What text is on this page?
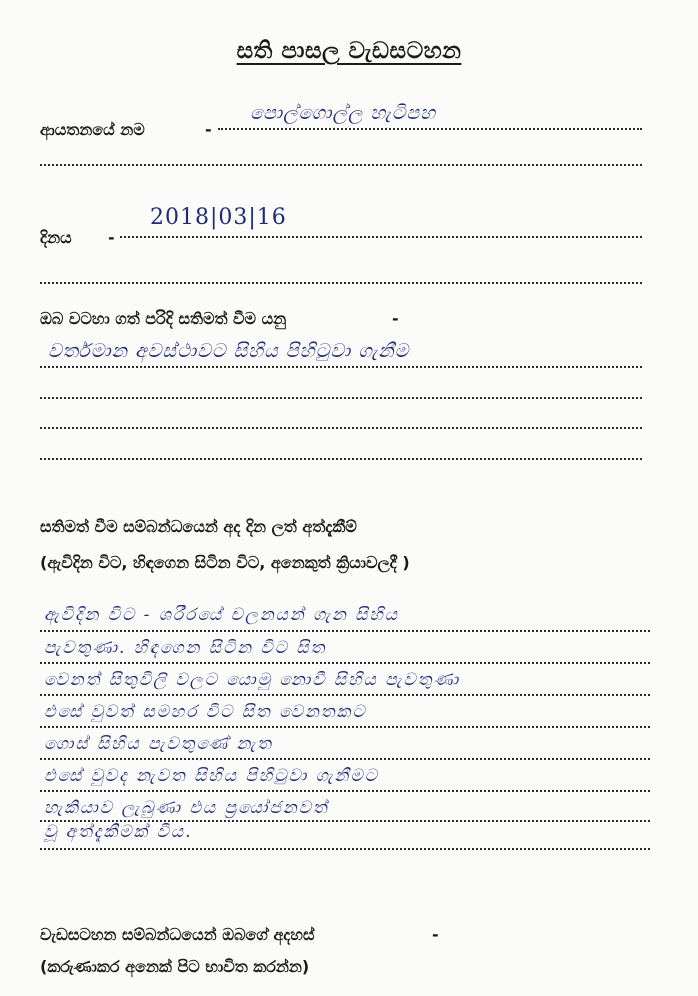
සති පාසල වැඩසටහන
ආයතනයේ නම	-
පොල්ගොල්ල හැටිපහ
දිනය -
2018|03|16
ඔබ වටහා ගත් පරිදි සතිමත් වීම යනු	-
වර්තමාන අවස්ථාවට සිහිය පිහිටුවා ගැනීම
සතිමත් වීම සම්බන්ධයෙන් අද දින ලත් අත්දැකීම්
(ඇවිදින විට, හිඳගෙන සිටින විට, අනෙකුත් ක්‍රියාවලදී )
ඇවිදින විට - ශරීරයේ චලනයන් ගැන සිහිය
පැවතුණා. හිඳගෙන සිටින විට සිත
වෙනත් සිතුවිලි වලට යොමු නොවී සිහිය පැවතුණා
එසේ වුවත් සමහර විට සිත වෙනතකට
ගොස් සිහිය පැවතුණේ නැත
එසේ වුවද නැවත සිහිය පිහිටුවා ගැනීමට
හැකියාව ලැබුණා එය ප්‍රයෝජනවත්
වූ අත්දැකීමක් විය.
වැඩසටහන සම්බන්ධයෙන් ඔබගේ අදහස්	-
(කරුණාකර අනෙක් පිට භාවිත කරන්න)
